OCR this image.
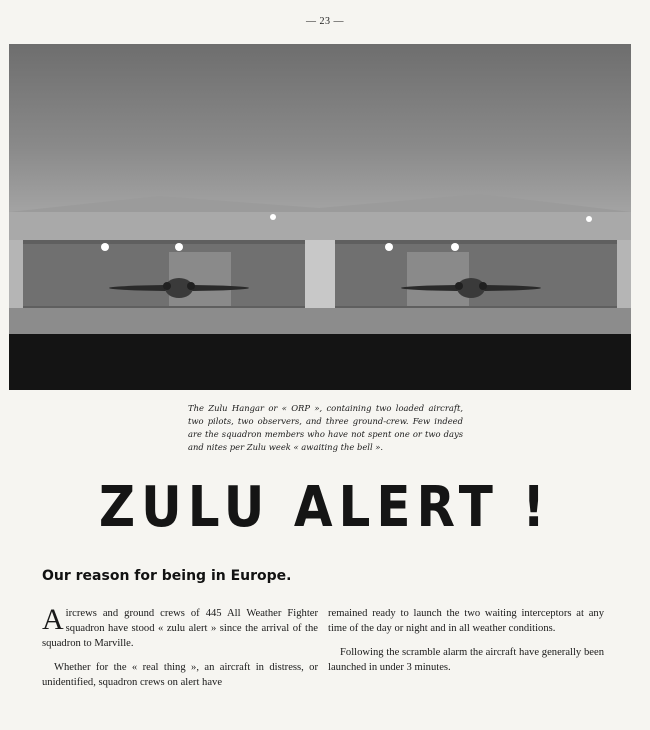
— 23 —
The Zulu Hangar or « ORP », containing two loaded aircraft, two pilots, two observers, and three ground-crew. Few indeed are the squadron members who have not spent one or two days and nites per Zulu week « awaiting the bell ».
ZULU ALERT !
Our reason for being in Europe.

Aircrews and ground crews of 445 All Weather Fighter squadron have stood « zulu alert » since the arrival of the squadron to Marville.

Whether for the « real thing », an aircraft in distress, or unidentified, squadron crews on alert have

remained ready to launch the two waiting interceptors at any time of the day or night and in all weather conditions.

Following the scramble alarm the aircraft have generally been launched in under 3 minutes.
